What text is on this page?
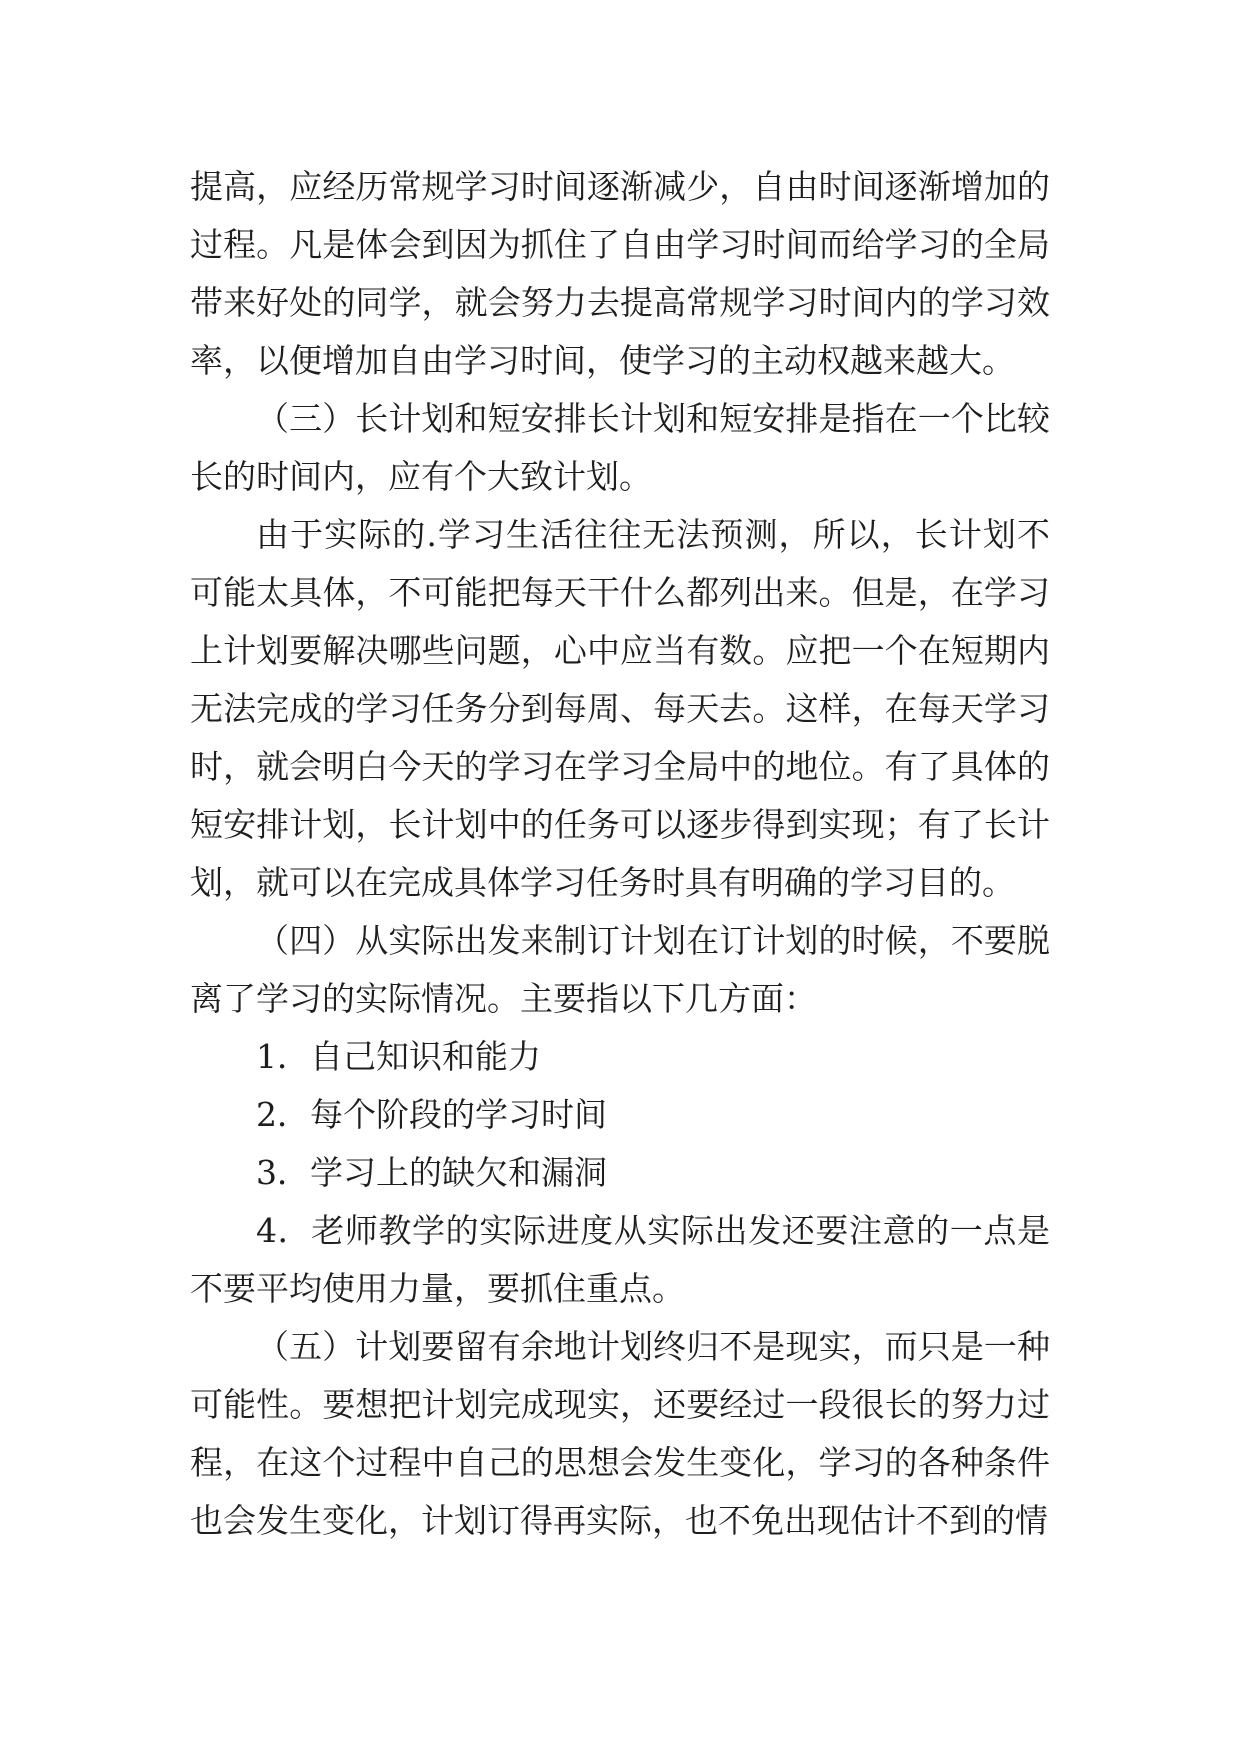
提高，应经历常规学习时间逐渐减少，自由时间逐渐增加的过程。凡是体会到因为抓住了自由学习时间而给学习的全局带来好处的同学，就会努力去提高常规学习时间内的学习效率，以便增加自由学习时间，使学习的主动权越来越大。

（三）长计划和短安排长计划和短安排是指在一个比较长的时间内，应有个大致计划。

由于实际的.学习生活往往无法预测，所以，长计划不可能太具体，不可能把每天干什么都列出来。但是，在学习上计划要解决哪些问题，心中应当有数。应把一个在短期内无法完成的学习任务分到每周、每天去。这样，在每天学习时，就会明白今天的学习在学习全局中的地位。有了具体的短安排计划，长计划中的任务可以逐步得到实现；有了长计划，就可以在完成具体学习任务时具有明确的学习目的。

（四）从实际出发来制订计划在订计划的时候，不要脱离了学习的实际情况。主要指以下几方面：

1．自己知识和能力

2．每个阶段的学习时间

3．学习上的缺欠和漏洞

4．老师教学的实际进度从实际出发还要注意的一点是不要平均使用力量，要抓住重点。

（五）计划要留有余地计划终归不是现实，而只是一种可能性。要想把计划完成现实，还要经过一段很长的努力过程，在这个过程中自己的思想会发生变化，学习的各种条件也会发生变化，计划订得再实际，也不免出现估计不到的情
